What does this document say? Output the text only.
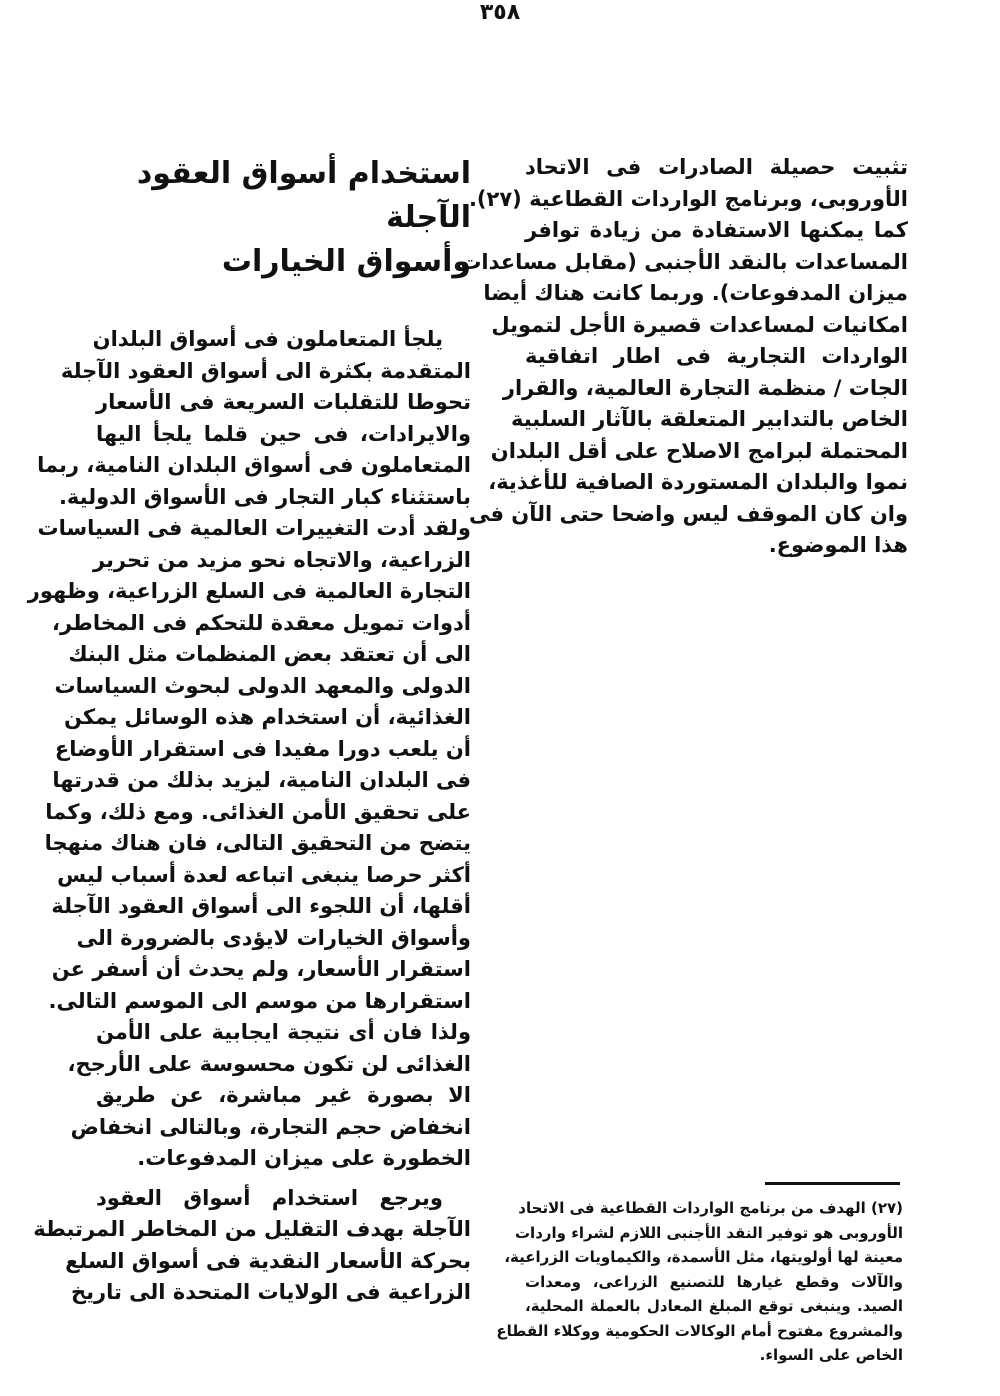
٣٥٨
تثبيت حصيلة الصادرات فى الاتحاد
الأوروبى، وبرنامج الواردات القطاعية (٢٧).
كما يمكنها الاستفادة من زيادة توافر
المساعدات بالنقد الأجنبى (مقابل مساعدات
ميزان المدفوعات). وربما كانت هناك أيضا
امكانيات لمساعدات قصيرة الأجل لتمويل
الواردات التجارية فى اطار اتفاقية
الجات / منظمة التجارة العالمية، والقرار
الخاص بالتدابير المتعلقة بالآثار السلبية
المحتملة لبرامج الاصلاح على أقل البلدان
نموا والبلدان المستوردة الصافية للأغذية،
وان كان الموقف ليس واضحا حتى الآن فى
هذا الموضوع.
استخدام أسواق العقود الآجلة
وأسواق الخيارات
يلجأ المتعاملون فى أسواق البلدان
المتقدمة بكثرة الى أسواق العقود الآجلة
تحوطا للتقلبات السريعة فى الأسعار
والايرادات، فى حين قلما يلجأ اليها
المتعاملون فى أسواق البلدان النامية، ربما
باستثناء كبار التجار فى الأسواق الدولية.
ولقد أدت التغييرات العالمية فى السياسات
الزراعية، والاتجاه نحو مزيد من تحرير
التجارة العالمية فى السلع الزراعية، وظهور
أدوات تمويل معقدة للتحكم فى المخاطر،
الى أن تعتقد بعض المنظمات مثل البنك
الدولى والمعهد الدولى لبحوث السياسات
الغذائية، أن استخدام هذه الوسائل يمكن
أن يلعب دورا مفيدا فى استقرار الأوضاع
فى البلدان النامية، ليزيد بذلك من قدرتها
على تحقيق الأمن الغذائى. ومع ذلك، وكما
يتضح من التحقيق التالى، فان هناك منهجا
أكثر حرصا ينبغى اتباعه لعدة أسباب ليس
أقلها، أن اللجوء الى أسواق العقود الآجلة
وأسواق الخيارات لايؤدى بالضرورة الى
استقرار الأسعار، ولم يحدث أن أسفر عن
استقرارها من موسم الى الموسم التالى.
ولذا فان أى نتيجة ايجابية على الأمن
الغذائى لن تكون محسوسة على الأرجح،
الا بصورة غير مباشرة، عن طريق
انخفاض حجم التجارة، وبالتالى انخفاض
الخطورة على ميزان المدفوعات.
ويرجع استخدام أسواق العقود
الآجلة بهدف التقليل من المخاطر المرتبطة
بحركة الأسعار النقدية فى أسواق السلع
الزراعية فى الولايات المتحدة الى تاريخ
(٢٧) الهدف من برنامج الواردات القطاعية فى الاتحاد
الأوروبى هو توفير النقد الأجنبى اللازم لشراء واردات
معينة لها أولويتها، مثل الأسمدة، والكيماويات الزراعية،
والآلات وقطع غيارها للتصنيع الزراعى، ومعدات
الصيد. وينبغى توقع المبلغ المعادل بالعملة المحلية،
والمشروع مفتوح أمام الوكالات الحكومية ووكلاء القطاع
الخاص على السواء.
